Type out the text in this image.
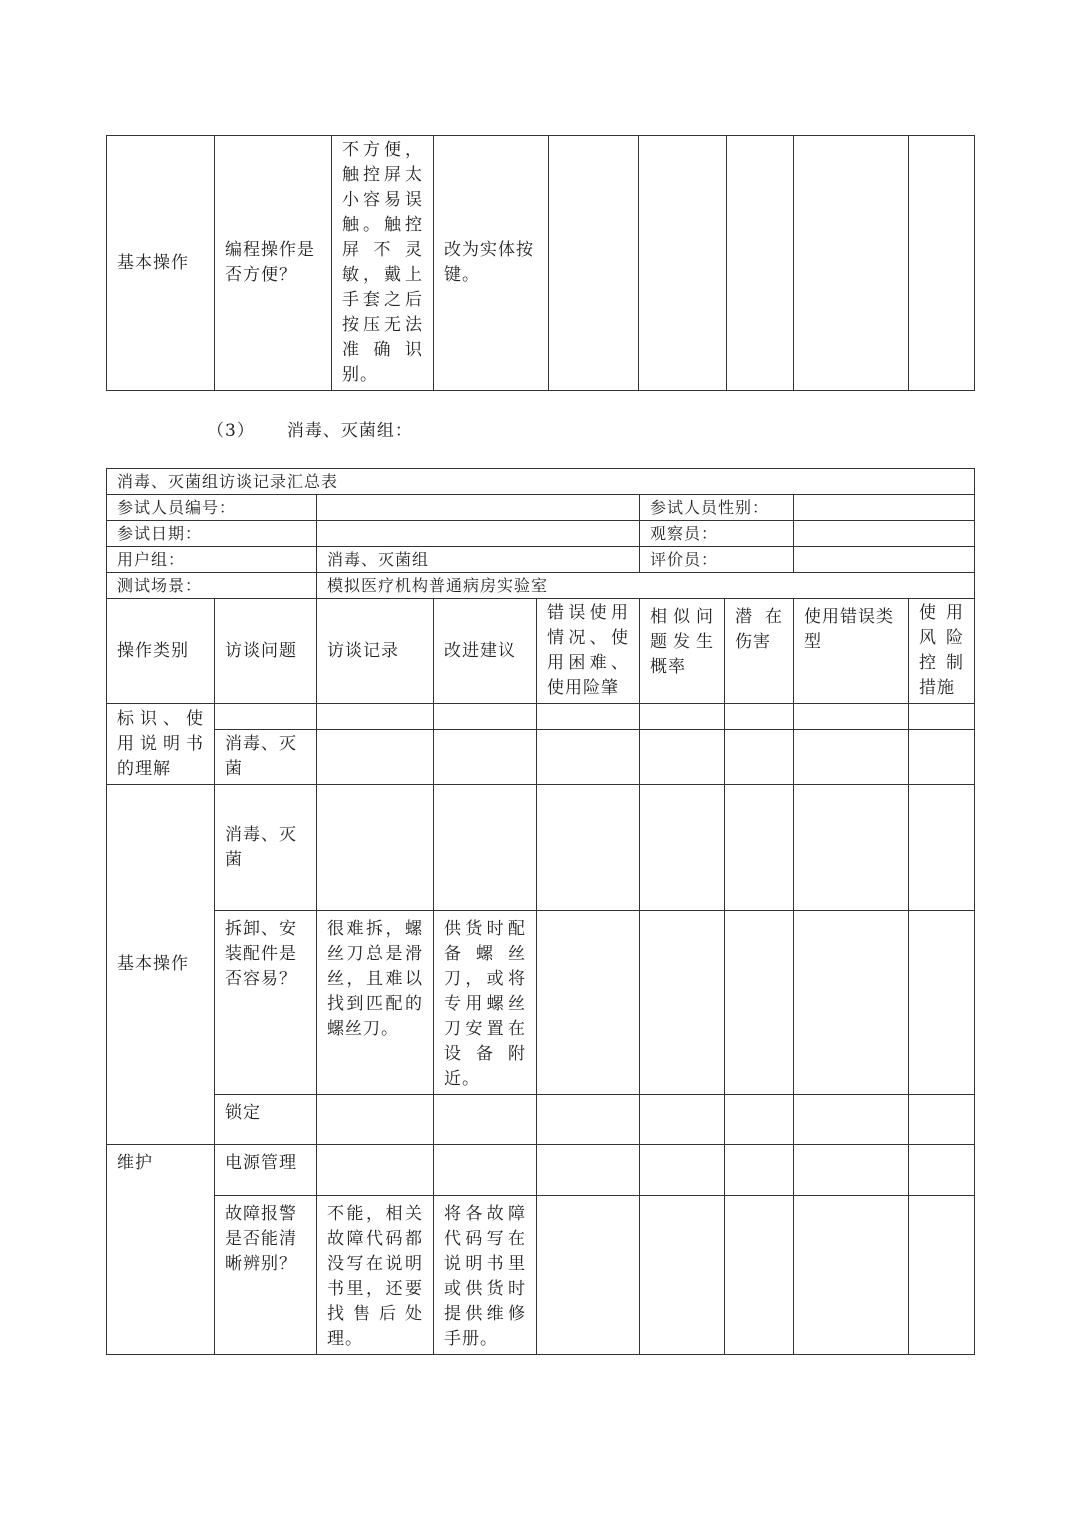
基本操作	编程操作是否方便？	不方便，触控屏太小容易误触。触控屏不灵敏，戴上手套之后按压无法准确识别。	改为实体按键。					
（3） 消毒、灭菌组：
消毒、灭菌组访谈记录汇总表								
参试人员编号：					参试人员性别：			
参试日期：					观察员：			
用户组：		消毒、灭菌组			评价员：			
测试场景：		模拟医疗机构普通病房实验室						
操作类别	访谈问题	访谈记录	改进建议	错误使用情况、使用困难、使用险肇	相似问题发生概率	潜在伤害	使用错误类型	使用风险控制措施
标识、使用说明书的理解								
	消毒、灭菌							
基本操作	消毒、灭菌							
	拆卸、安装配件是否容易？	很难拆，螺丝刀总是滑丝，且难以找到匹配的螺丝刀。	供货时配备螺丝刀，或将专用螺丝刀安置在设备附近。					
	锁定							
维护	电源管理							
	故障报警是否能清晰辨别？	不能，相关故障代码都没写在说明书里，还要找售后处理。	将各故障代码写在说明书里或供货时提供维修手册。					
